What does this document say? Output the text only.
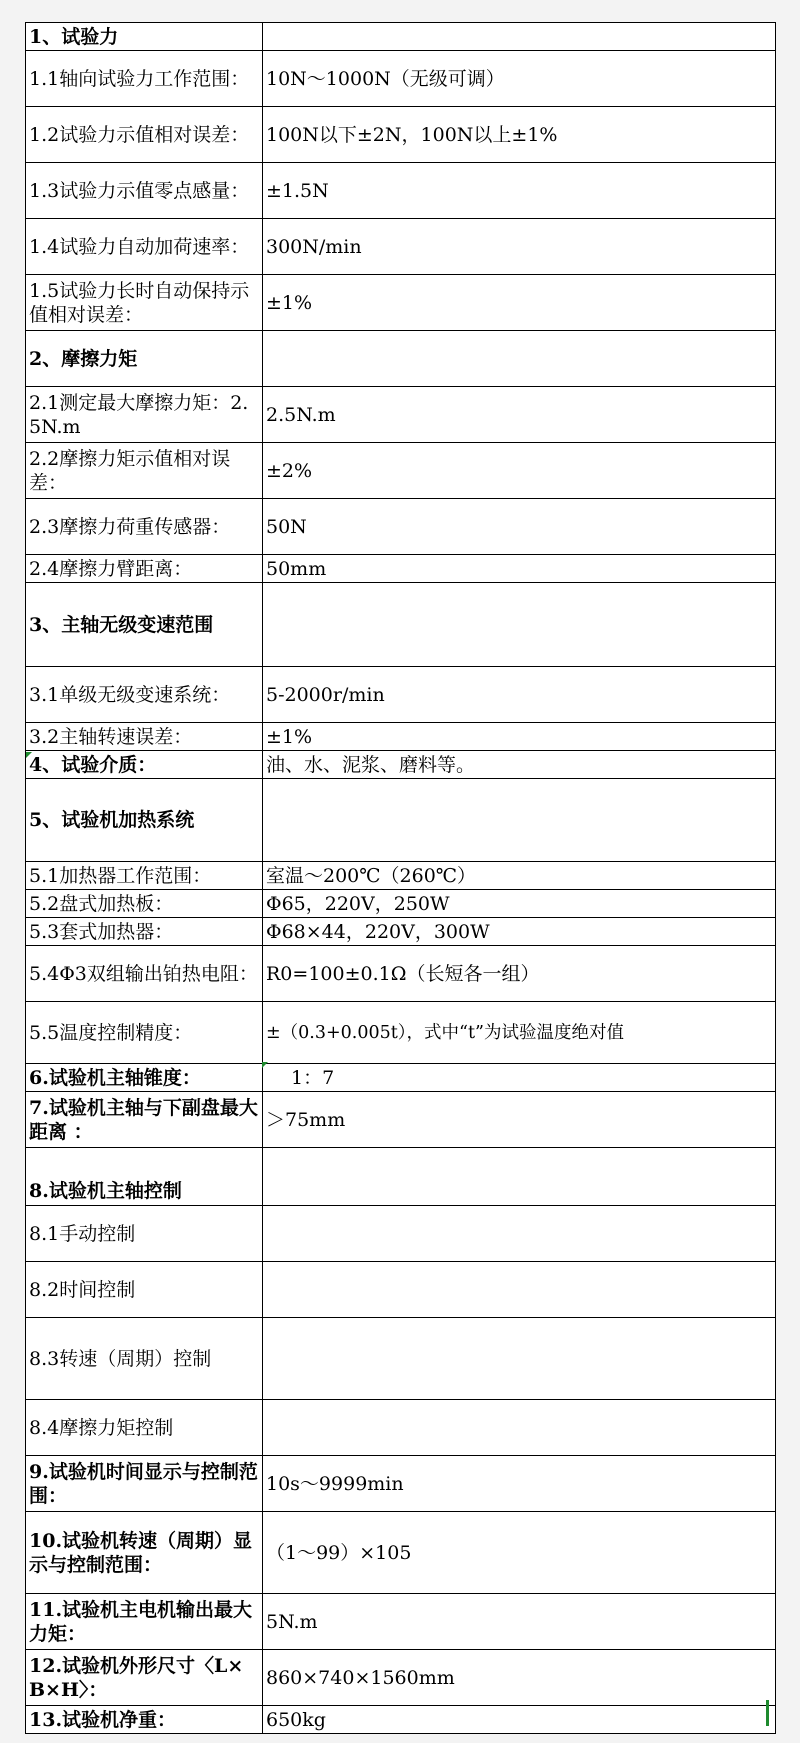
1、试验力	
1.1轴向试验力工作范围：	10N～1000N（无级可调）
1.2试验力示值相对误差：	100N以下±2N，100N以上±1%
1.3试验力示值零点感量：	±1.5N
1.4试验力自动加荷速率：	300N/min
1.5试验力长时自动保持示值相对误差：	±1%
2、摩擦力矩	
2.1测定最大摩擦力矩：2.5N.m	2.5N.m
2.2摩擦力矩示值相对误差：	±2%
2.3摩擦力荷重传感器：	50N
2.4摩擦力臂距离：	50mm
3、主轴无级变速范围	
3.1单级无级变速系统：	5-2000r/min
3.2主轴转速误差：	±1%
4、试验介质：	油、水、泥浆、磨料等。
5、试验机加热系统	
5.1加热器工作范围：	室温～200℃（260℃）
5.2盘式加热板：	Φ65，220V，250W
5.3套式加热器：	Φ68×44，220V，300W
5.4Φ3双组输出铂热电阻：	R0=100±0.1Ω（长短各一组）
5.5温度控制精度：	±（0.3+0.005t），式中“t”为试验温度绝对值
6.试验机主轴锥度：	1：7
7.试验机主轴与下副盘最大距离 ：	＞75mm
8.试验机主轴控制	
8.1手动控制	
8.2时间控制	
8.3转速（周期）控制	
8.4摩擦力矩控制	
9.试验机时间显示与控制范围：	10s～9999min
10.试验机转速（周期）显示与控制范围：	（1～99）×105
11.试验机主电机输出最大力矩：	5N.m
12.试验机外形尺寸〈L×B×H〉：	860×740×1560mm
13.试验机净重：	650kg
